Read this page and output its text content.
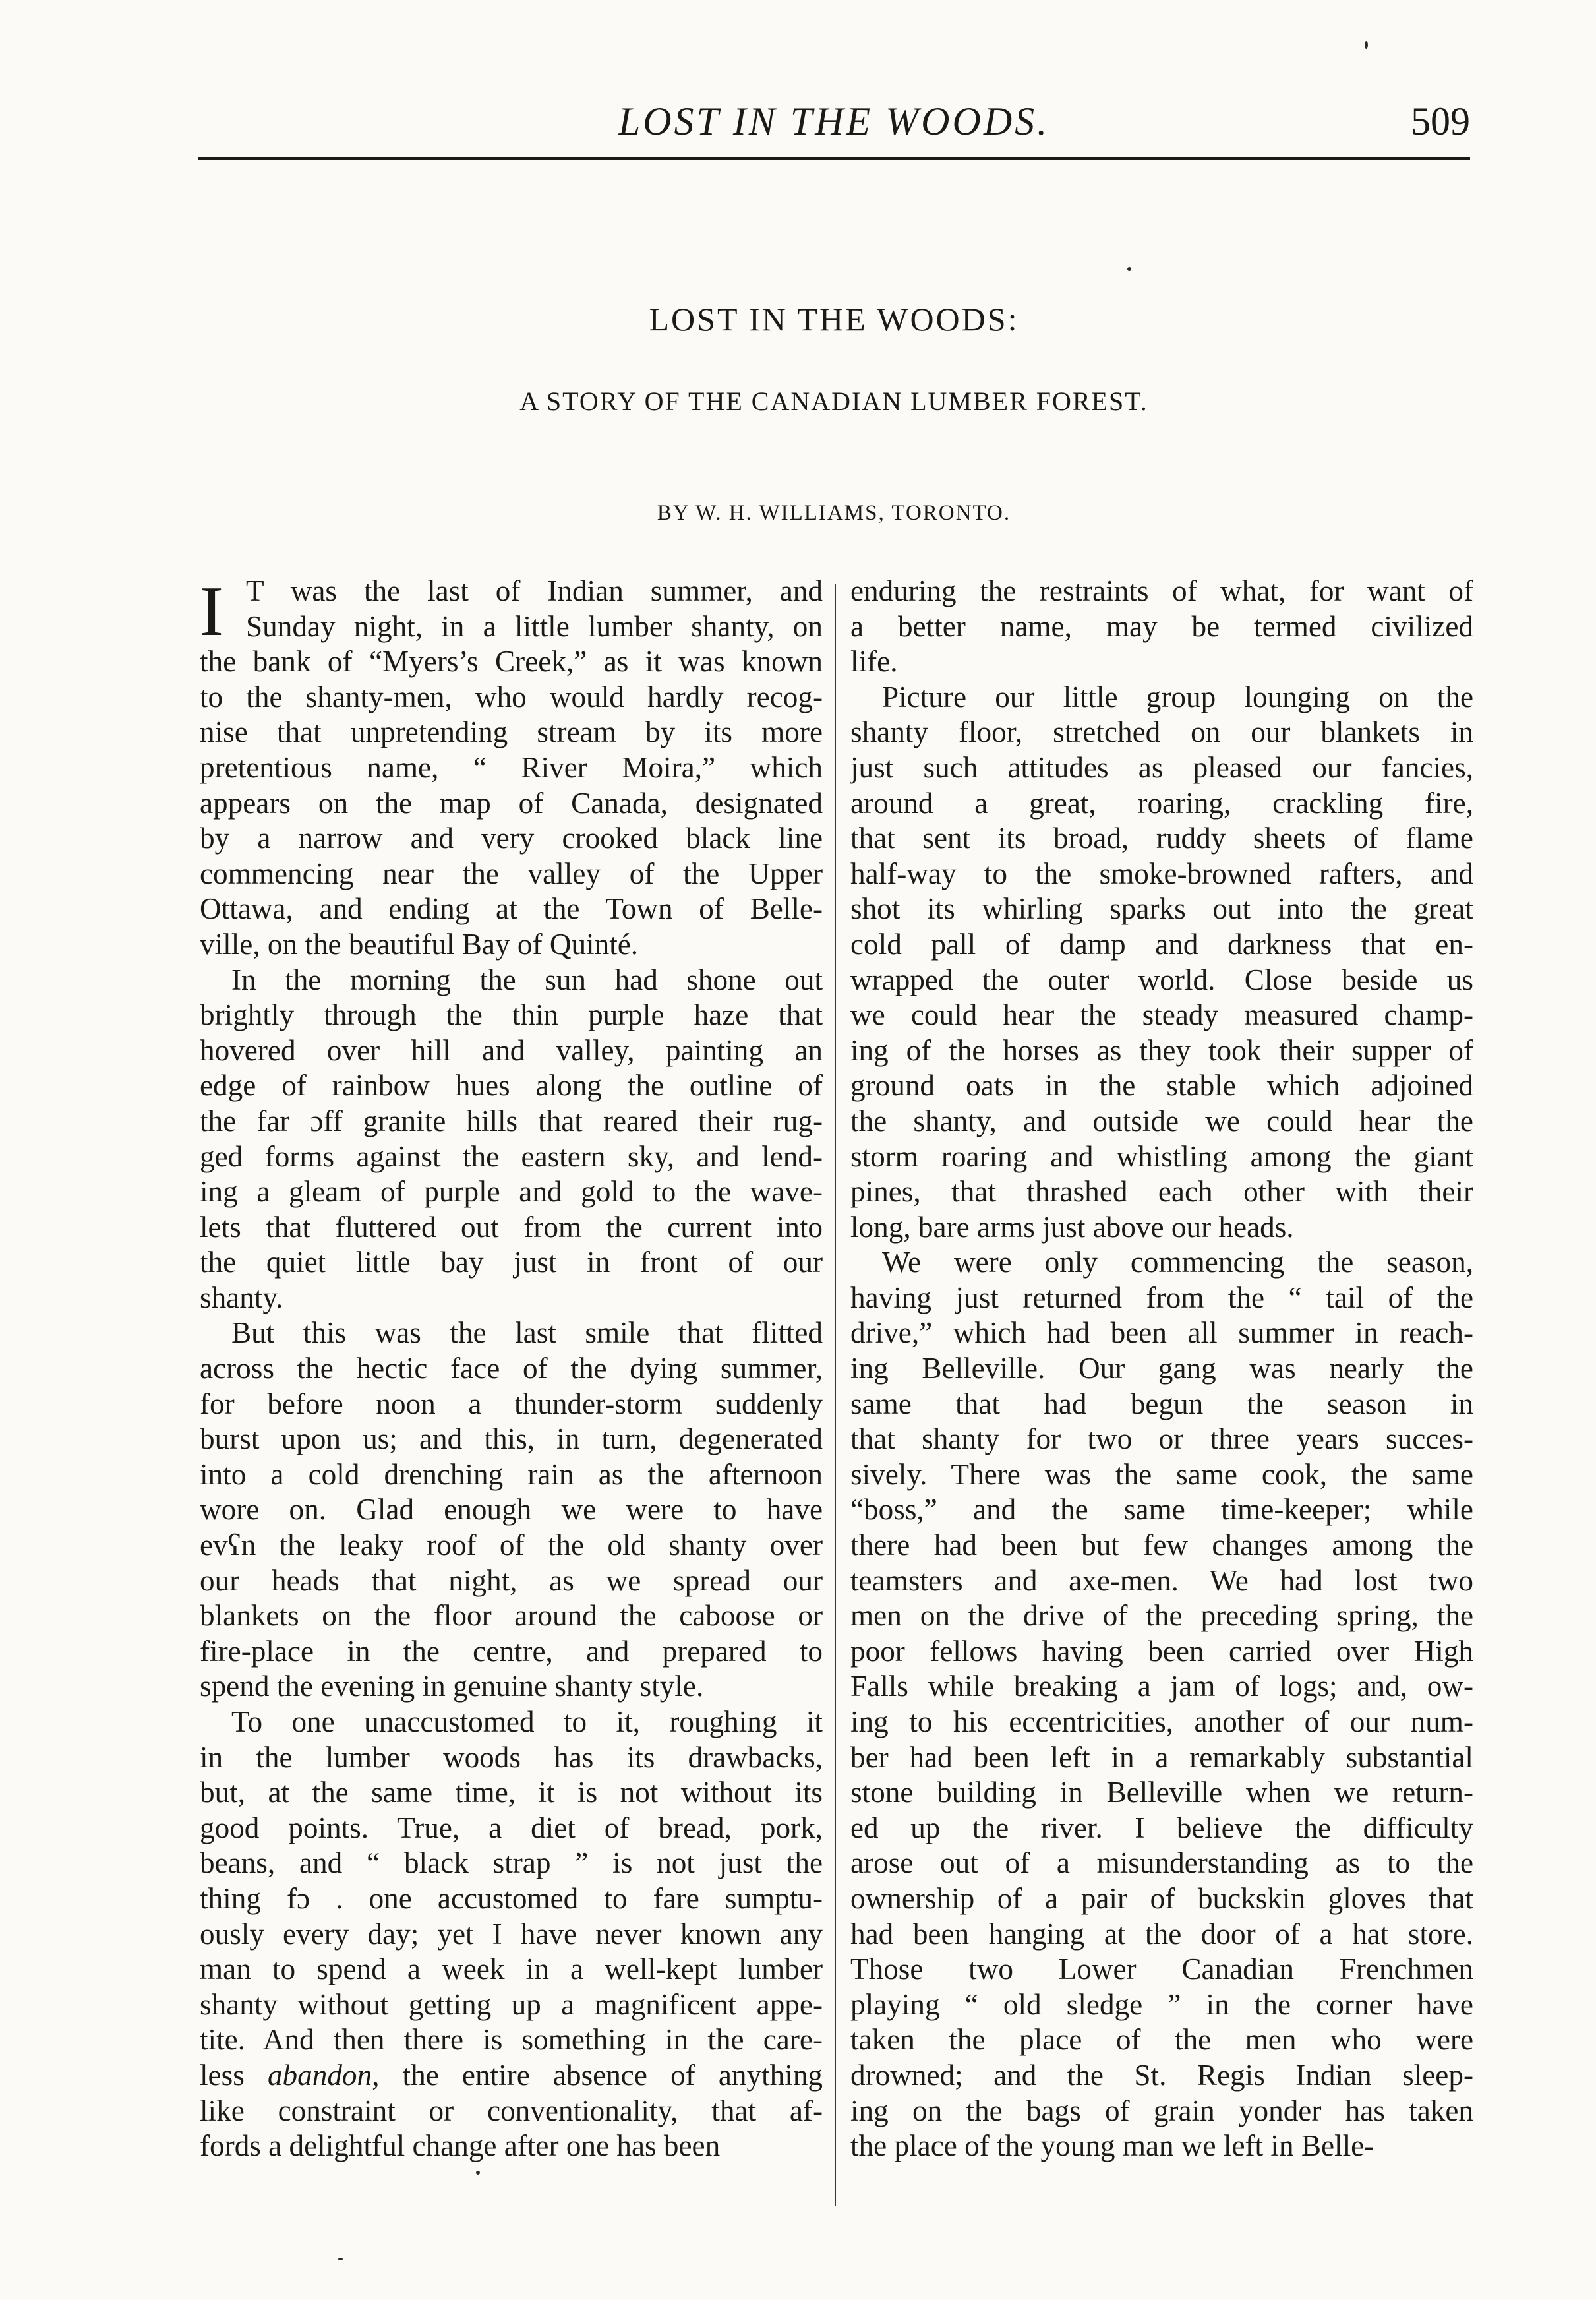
LOST IN THE WOODS.	509
LOST IN THE WOODS:
A STORY OF THE CANADIAN LUMBER FOREST.
BY W. H. WILLIAMS, TORONTO.
I T was the last of Indian summer, and
Sunday night, in a little lumber shanty, on
the bank of “Myers’s Creek,” as it was known
to the shanty-men, who would hardly recog-
nise that unpretending stream by its more
pretentious name, “ River Moira,” which
appears on the map of Canada, designated
by a narrow and very crooked black line
commencing near the valley of the Upper
Ottawa, and ending at the Town of Belle-
ville, on the beautiful Bay of Quinté.
In the morning the sun had shone out
brightly through the thin purple haze that
hovered over hill and valley, painting an
edge of rainbow hues along the outline of
the far ɔff granite hills that reared their rug-
ged forms against the eastern sky, and lend-
ing a gleam of purple and gold to the wave-
lets that fluttered out from the current into
the quiet little bay just in front of our
shanty.
But this was the last smile that flitted
across the hectic face of the dying summer,
for before noon a thunder-storm suddenly
burst upon us; and this, in turn, degenerated
into a cold drenching rain as the afternoon
wore on. Glad enough we were to have
evʕn the leaky roof of the old shanty over
our heads that night, as we spread our
blankets on the floor around the caboose or
fire-place in the centre, and prepared to
spend the evening in genuine shanty style.
To one unaccustomed to it, roughing it
in the lumber woods has its drawbacks,
but, at the same time, it is not without its
good points. True, a diet of bread, pork,
beans, and “ black strap ” is not just the
thing fɔ . one accustomed to fare sumptu-
ously every day; yet I have never known any
man to spend a week in a well-kept lumber
shanty without getting up a magnificent appe-
tite. And then there is something in the care-
less abandon, the entire absence of anything
like constraint or conventionality, that af-
fords a delightful change after one has been
enduring the restraints of what, for want of
a better name, may be termed civilized
life.
Picture our little group lounging on the
shanty floor, stretched on our blankets in
just such attitudes as pleased our fancies,
around a great, roaring, crackling fire,
that sent its broad, ruddy sheets of flame
half-way to the smoke-browned rafters, and
shot its whirling sparks out into the great
cold pall of damp and darkness that en-
wrapped the outer world. Close beside us
we could hear the steady measured champ-
ing of the horses as they took their supper of
ground oats in the stable which adjoined
the shanty, and outside we could hear the
storm roaring and whistling among the giant
pines, that thrashed each other with their
long, bare arms just above our heads.
We were only commencing the season,
having just returned from the “ tail of the
drive,” which had been all summer in reach-
ing Belleville. Our gang was nearly the
same that had begun the season in
that shanty for two or three years succes-
sively. There was the same cook, the same
“boss,” and the same time-keeper; while
there had been but few changes among the
teamsters and axe-men. We had lost two
men on the drive of the preceding spring, the
poor fellows having been carried over High
Falls while breaking a jam of logs; and, ow-
ing to his eccentricities, another of our num-
ber had been left in a remarkably substantial
stone building in Belleville when we return-
ed up the river. I believe the difficulty
arose out of a misunderstanding as to the
ownership of a pair of buckskin gloves that
had been hanging at the door of a hat store.
Those two Lower Canadian Frenchmen
playing “ old sledge ” in the corner have
taken the place of the men who were
drowned; and the St. Regis Indian sleep-
ing on the bags of grain yonder has taken
the place of the young man we left in Belle-
